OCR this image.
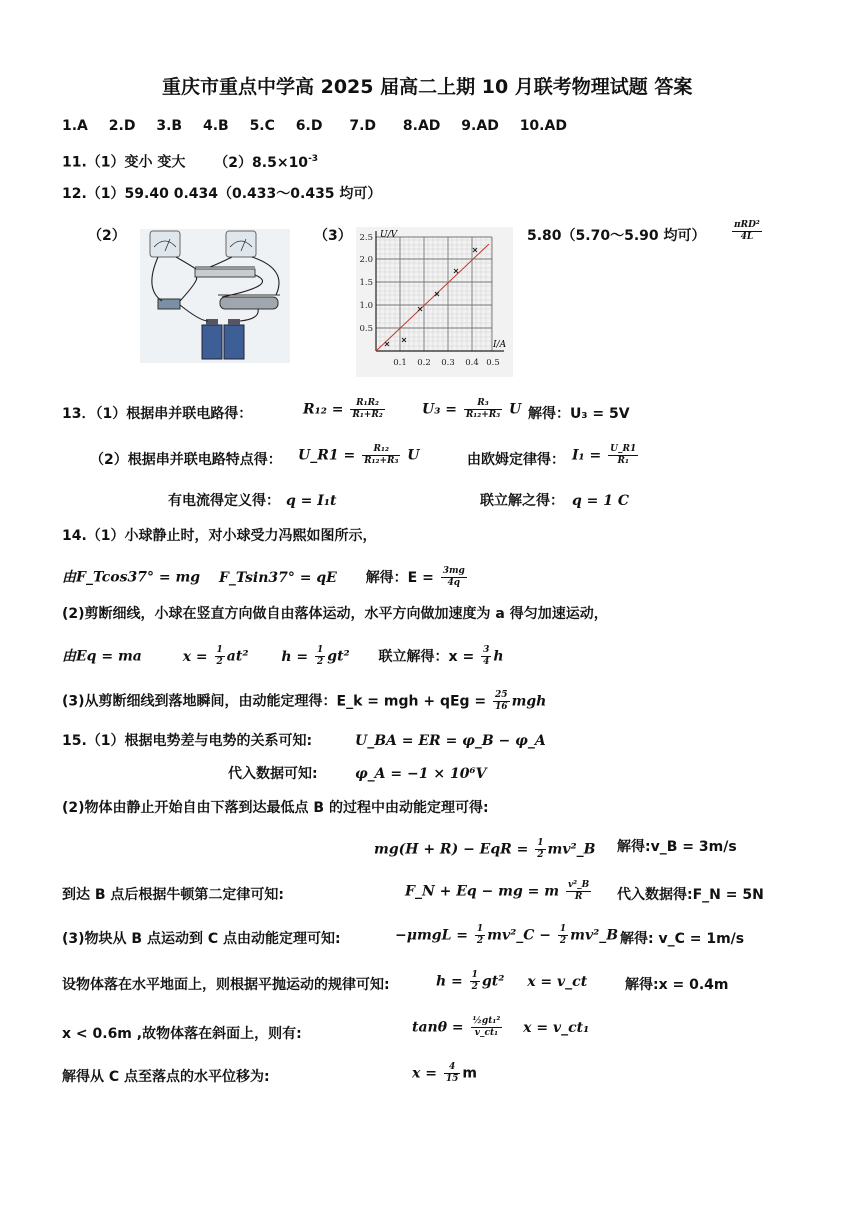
重庆市重点中学高 2025 届高二上期 10 月联考物理试题 答案
1.A 2.D 3.B 4.B 5.C 6.D 7.D 8.AD 9.AD 10.AD
11.（1）变小 变大 $(2)8.5\times 10^{-3}$
12.（1）59.40 0.434（0.433～0.435 均可）
（2）	（3）	U/V
I/A
0.5
1.0
1.5
2.0
2.5
0.1 0.2 0.3 0.4 0.5
5.80（5.70～5.90 均可）	$\frac{\text{πRD²}}{4L}$
13．（1）根据串并联电路得：	$R_{12} = \frac{\text{R₁R₂}}{\text{R₁+R₂}}$	$U_3 = \frac{\text{R₃}}{\text{R₁₂+R₃}}$ U 解得：U₃ = 5V
（2）根据串并联电路特点得： U_R1 = $\frac{\text{R₁₂}}{\text{R₁₂+R₃}}$ U	由欧姆定律得： $I_1 = \frac{U\_R1}{\text{R₁}}$
有电流得定义得： q = I₁t	联立解之得： q = 1 C
14.（1）小球静止时，对小球受力冯熙如图所示，
由F_Tcos37° = mg F_Tsin37° = qE 解得：$E = \frac{3mg}{4q}$
(2)剪断细线，小球在竖直方向做自由落体运动，水平方向做加速度为 a 得匀加速运动，
由Eq = ma	$x = \frac{1}{2} at^2$ $h = \frac{1}{2} gt^2$ 联立解得：$x = \frac{3}{4}$ h
(3)从剪断细线到落地瞬间，由动能定理得：E_k = mgh + qEg = $\frac{25}{16}$ mgh
15.（1）根据电势差与电势的关系可知:	U_BA = ER = φ_B − φ_A
代入数据可知:	φ_A = −1 × 10⁶V
(2)物体由静止开始自由下落到达最低点 B 的过程中由动能定理可得:
mg(H + R) − EqR = $\frac{1}{2}$ mv²_B 解得:v_B = 3m/s
到达 B 点后根据牛顿第二定律可知:	F_N + Eq − mg = m $\frac{\text{v²\_B}}{R}$ 代入数据得:F_N = 5N
(3)物块从 B 点运动到 C 点由动能定理可知:	$-\mu mgL = \frac{1}{2}$ mv²_C − $\frac{1}{2}$ mv²_B 解得: v_C = 1m/s
设物体落在水平地面上，则根据平抛运动的规律可知:	$h = \frac{1}{2} gt^2$ x = v_ct	解得:x = 0.4m
x < 0.6m ,故物体落在斜面上，则有:	$\tan\theta = \frac{\text{½gt₁²}}{\text{v\_ct₁}}$ x = v_ct₁
解得从 C 点至落点的水平位移为:	$x = \frac{4}{15}$ m
